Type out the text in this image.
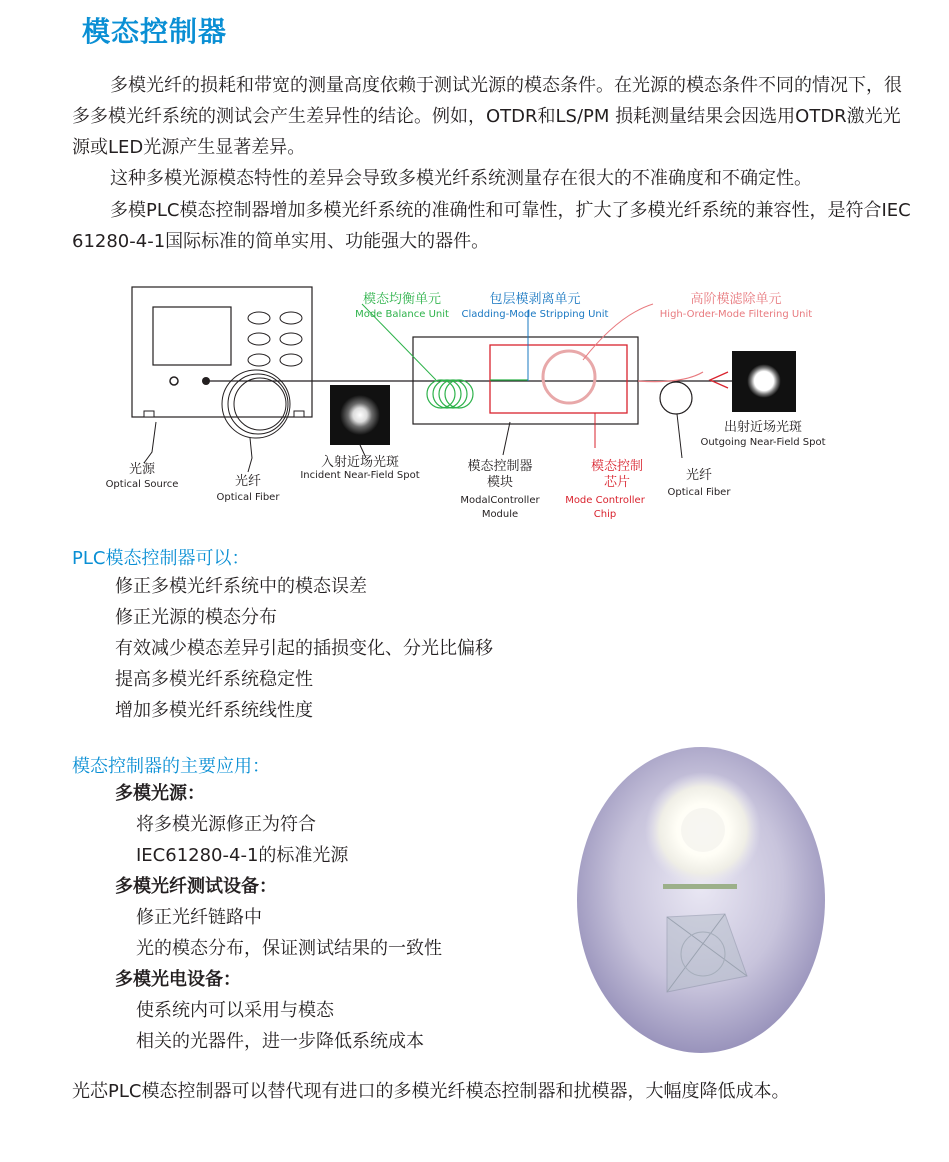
模态控制器
多模光纤的损耗和带宽的测量高度依赖于测试光源的模态条件。在光源的模态条件不同的情况下，很多多模光纤系统的测试会产生差异性的结论。例如，OTDR和LS/PM 损耗测量结果会因选用OTDR激光光源或LED光源产生显著差异。
这种多模光源模态特性的差异会导致多模光纤系统测量存在很大的不准确度和不确定性。
多模PLC模态控制器增加多模光纤系统的准确性和可靠性，扩大了多模光纤系统的兼容性，是符合IEC 61280-4-1国际标准的简单实用、功能强大的器件。
模态均衡单元
Mode Balance Unit
包层模剥离单元
Cladding-Mode Stripping Unit
高阶模滤除单元
High-Order-Mode Filtering Unit
光源
Optical Source	光纤
Optical Fiber
入射近场光斑
Incident Near-Field Spot
模态控制器
模块
ModalController
Module
模态控制
芯片
Mode Controller
Chip
光纤
Optical Fiber
出射近场光斑
Outgoing Near-Field Spot
PLC模态控制器可以：
修正多模光纤系统中的模态误差
修正光源的模态分布
有效减少模态差异引起的插损变化、分光比偏移
提高多模光纤系统稳定性
增加多模光纤系统线性度
模态控制器的主要应用：
多模光源：
将多模光源修正为符合
IEC61280-4-1的标准光源
多模光纤测试设备：
修正光纤链路中
光的模态分布，保证测试结果的一致性
多模光电设备：
使系统内可以采用与模态
相关的光器件，进一步降低系统成本
光芯PLC模态控制器可以替代现有进口的多模光纤模态控制器和扰模器，大幅度降低成本。
